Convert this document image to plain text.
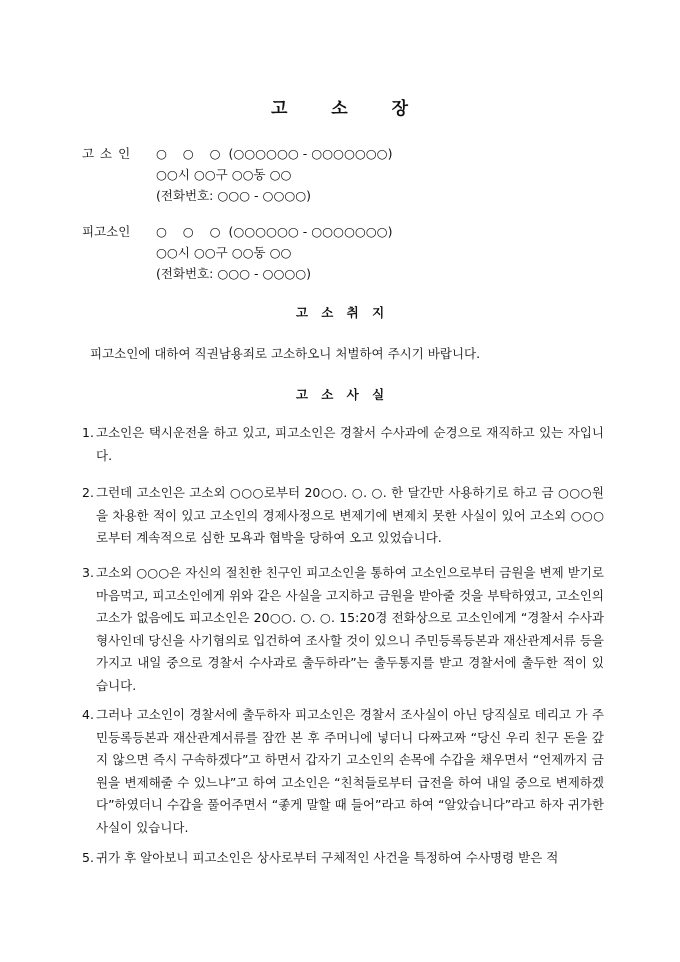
고 소 장
고 소 인	○    ○    ○  (○○○○○○ - ○○○○○○○)
○○시 ○○구 ○○동 ○○
(전화번호: ○○○ - ○○○○)
피고소인	○    ○    ○  (○○○○○○ - ○○○○○○○)
○○시 ○○구 ○○동 ○○
(전화번호: ○○○ - ○○○○)
고 소 취 지
피고소인에 대하여 직권남용죄로 고소하오니 처벌하여 주시기 바랍니다.
고 소 사 실
1. 고소인은 택시운전을 하고 있고, 피고소인은 경찰서 수사과에 순경으로 재직하고 있는 자입니다.
2. 그런데 고소인은 고소외 ○○○로부터 20○○. ○. ○. 한 달간만 사용하기로 하고 금 ○○○원을 차용한 적이 있고 고소인의 경제사정으로 변제기에 변제치 못한 사실이 있어 고소외 ○○○로부터 계속적으로 심한 모욕과 협박을 당하여 오고 있었습니다.
3. 고소외 ○○○은 자신의 절친한 친구인 피고소인을 통하여 고소인으로부터 금원을 변제 받기로 마음먹고, 피고소인에게 위와 같은 사실을 고지하고 금원을 받아줄 것을 부탁하였고, 고소인의 고소가 없음에도 피고소인은 20○○. ○. ○. 15:20경 전화상으로 고소인에게 “경찰서 수사과 형사인데 당신을 사기혐의로 입건하여 조사할 것이 있으니 주민등록등본과 재산관계서류 등을 가지고 내일 중으로 경찰서 수사과로 출두하라”는 출두통지를 받고 경찰서에 출두한 적이 있습니다.
4. 그러나 고소인이 경찰서에 출두하자 피고소인은 경찰서 조사실이 아닌 당직실로 데리고 가 주민등록등본과 재산관계서류를 잠깐 본 후 주머니에 넣더니 다짜고짜 “당신 우리 친구 돈을 갚지 않으면 즉시 구속하겠다”고 하면서 갑자기 고소인의 손목에 수갑을 채우면서 “언제까지 금원을 변제해줄 수 있느냐”고 하여 고소인은 “친척들로부터 급전을 하여 내일 중으로 변제하겠다”하였더니 수갑을 풀어주면서 “좋게 말할 때 들어”라고 하여 “알았습니다”라고 하자 귀가한 사실이 있습니다.
5. 귀가 후 알아보니 피고소인은 상사로부터 구체적인 사건을 특정하여 수사명령 받은 적
